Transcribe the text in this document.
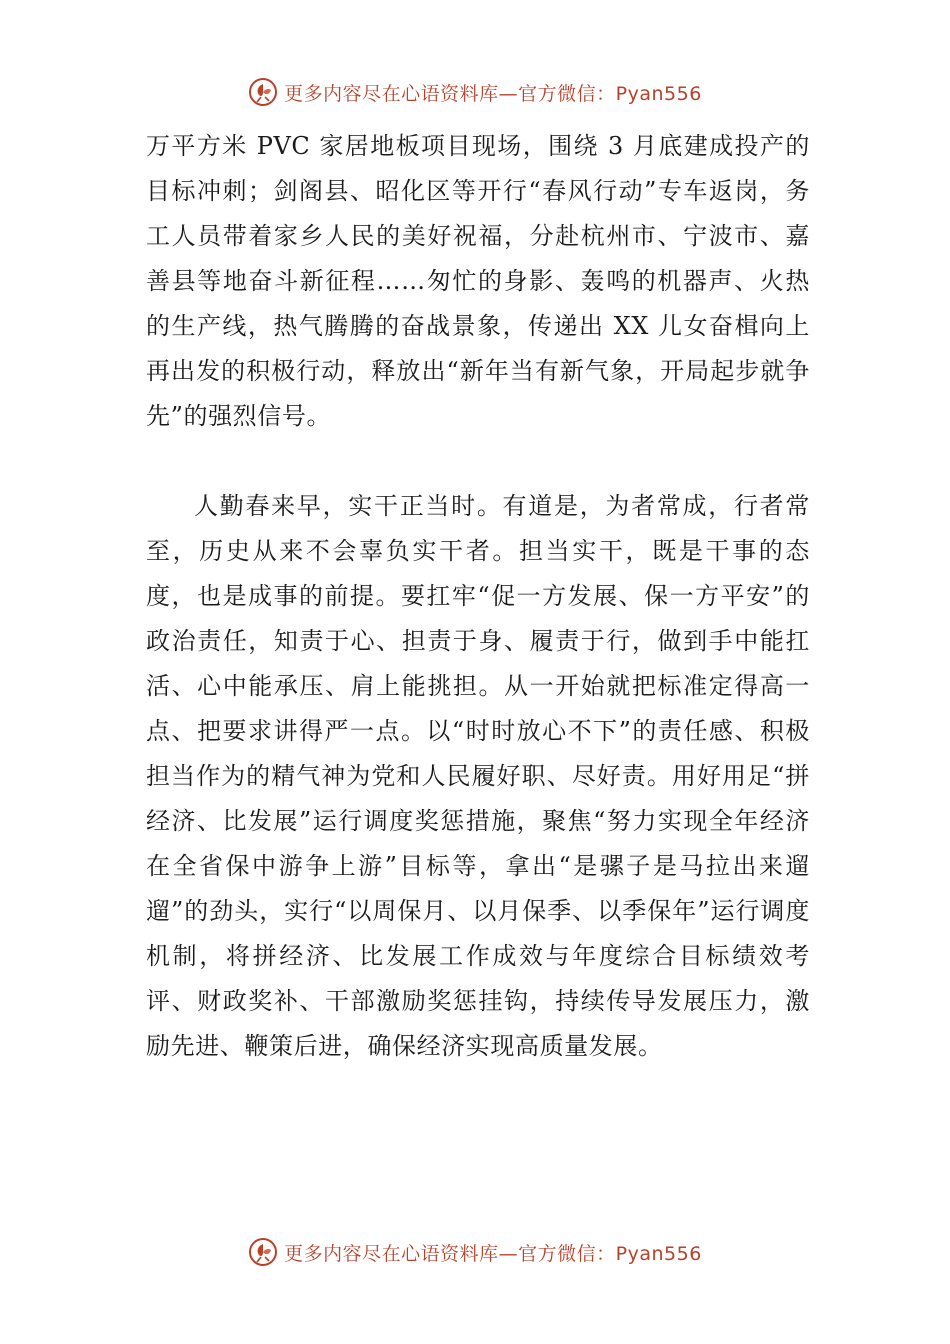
更多内容尽在心语资料库—官方微信：Pyan556

万平方米 PVC 家居地板项目现场，围绕 3 月底建成投产的目标冲刺；剑阁县、昭化区等开行“春风行动”专车返岗，务工人员带着家乡人民的美好祝福，分赴杭州市、宁波市、嘉善县等地奋斗新征程……匆忙的身影、轰鸣的机器声、火热的生产线，热气腾腾的奋战景象，传递出 XX 儿女奋楫向上再出发的积极行动，释放出“新年当有新气象，开局起步就争先”的强烈信号。

人勤春来早，实干正当时。有道是，为者常成，行者常至，历史从来不会辜负实干者。担当实干，既是干事的态度，也是成事的前提。要扛牢“促一方发展、保一方平安”的政治责任，知责于心、担责于身、履责于行，做到手中能扛活、心中能承压、肩上能挑担。从一开始就把标准定得高一点、把要求讲得严一点。以“时时放心不下”的责任感、积极担当作为的精气神为党和人民履好职、尽好责。用好用足“拼经济、比发展”运行调度奖惩措施，聚焦“努力实现全年经济在全省保中游争上游”目标等，拿出“是骡子是马拉出来遛遛”的劲头，实行“以周保月、以月保季、以季保年”运行调度机制，将拼经济、比发展工作成效与年度综合目标绩效考评、财政奖补、干部激励奖惩挂钩，持续传导发展压力，激励先进、鞭策后进，确保经济实现高质量发展。

更多内容尽在心语资料库—官方微信：Pyan556
